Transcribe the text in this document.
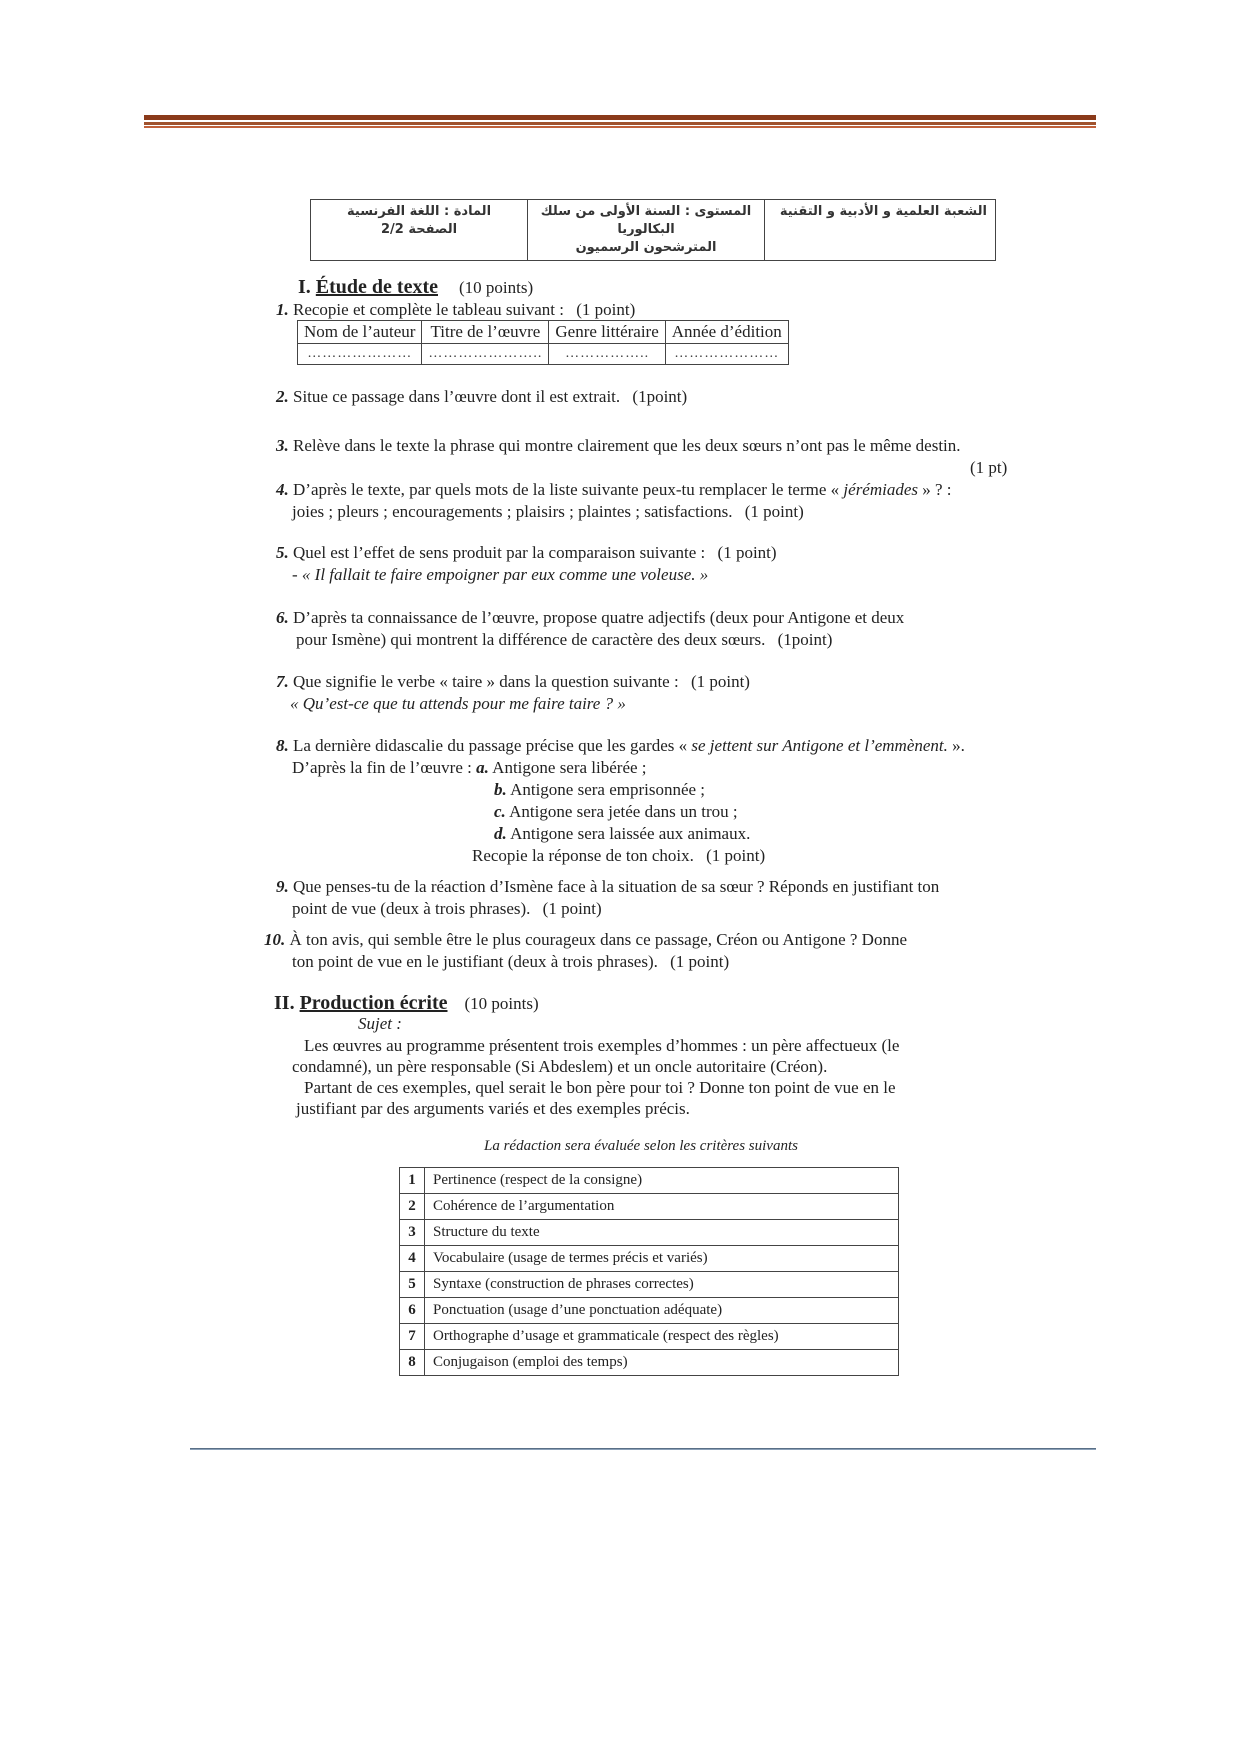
الشعبة العلمية و الأدبية و التقنية	
المستوى : السنة الأولى من سلك
البكالوريا
المترشحون الرسميون

المادة : اللغة الفرنسية
الصفحة 2/2
I. Étude de texte (10 points)
1. Recopie et complète le tableau suivant : (1 point)
Nom de l’auteur	Titre de l’œuvre	Genre littéraire	Année d’édition
…………………	…………………..	……………..	…………………
2. Situe ce passage dans l’œuvre dont il est extrait. (1point)
3. Relève dans le texte la phrase qui montre clairement que les deux sœurs n’ont pas le même destin.
(1 pt)
4. D’après le texte, par quels mots de la liste suivante peux-tu remplacer le terme « jérémiades » ? :
joies ; pleurs ; encouragements ; plaisirs ; plaintes ; satisfactions. (1 point)
5. Quel est l’effet de sens produit par la comparaison suivante : (1 point)
- « Il fallait te faire empoigner par eux comme une voleuse. »
6. D’après ta connaissance de l’œuvre, propose quatre adjectifs (deux pour Antigone et deux
pour Ismène) qui montrent la différence de caractère des deux sœurs. (1point)
7. Que signifie le verbe « taire » dans la question suivante : (1 point)
« Qu’est-ce que tu attends pour me faire taire ? »
8. La dernière didascalie du passage précise que les gardes « se jettent sur Antigone et l’emmènent. ».
D’après la fin de l’œuvre : a. Antigone sera libérée ;
b. Antigone sera emprisonnée ;
c. Antigone sera jetée dans un trou ;
d. Antigone sera laissée aux animaux.
Recopie la réponse de ton choix. (1 point)
9. Que penses-tu de la réaction d’Ismène face à la situation de sa sœur ? Réponds en justifiant ton
point de vue (deux à trois phrases). (1 point)
10. À ton avis, qui semble être le plus courageux dans ce passage, Créon ou Antigone ? Donne
ton point de vue en le justifiant (deux à trois phrases). (1 point)
II. Production écrite (10 points)
Sujet :
Les œuvres au programme présentent trois exemples d’hommes : un père affectueux (le
condamné), un père responsable (Si Abdeslem) et un oncle autoritaire (Créon).
Partant de ces exemples, quel serait le bon père pour toi ? Donne ton point de vue en le
justifiant par des arguments variés et des exemples précis.
La rédaction sera évaluée selon les critères suivants
1	Pertinence (respect de la consigne)
2	Cohérence de l’argumentation
3	Structure du texte
4	Vocabulaire (usage de termes précis et variés)
5	Syntaxe (construction de phrases correctes)
6	Ponctuation (usage d’une ponctuation adéquate)
7	Orthographe d’usage et grammaticale (respect des règles)
8	Conjugaison (emploi des temps)
